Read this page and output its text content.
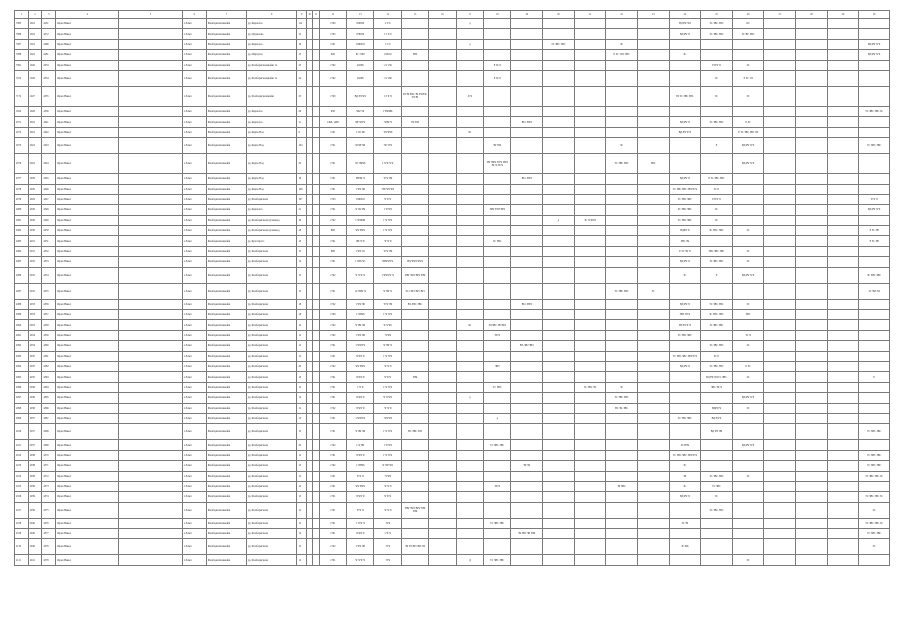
1	2	3	4	5	6	7	8	9	10	11	12	13	14	15	16	17	18	19	20	21	22	23	24	25	26	27	28	29	30
7085	1022	4231	Ярош Никол		1 Ломп	Фонборигшошвойш	уд. Кирполоа	112			1760	650656	2·0·6			д							ВД РЧ·ЧЧ	ТС 3ВС ЗВС	ОС				
7086	1022	4272	Ярош Никол		1 Ломп	Фонборигшошвойш	уд. Цзуанлова	15			1765	678634	1·1·6·0										ВД РЧ·Ч	ТС 3ВС ЗВС	ТС ВС ЗВС				
7087	1022	4289	Ярош Никол		1 Ломп	Фонборигшошвойш	уд. Кирполоа	18			1761	1586345	1·3·0			д			ТС 3ВС ЗВС		ЗС								ВД РЧ·Ч·Ч
7088	1022	4281	Ярош Никол		1 Ломп	Фонборигшошвойш	уд. Мирзулоа	13			848	61·7200	1·664·0	ЗВЗ							Е ЗС 1ЧЗ. 3ВС		ЗС						ВД РЧ·Ч·Ч
7091	1026	4333	Ярош Никол		1 Ломп	Фонборигшошвойш	уд. Фонборигшошвойш тч	23			1762	20268	·21·156				Е ЗСЛ							РЧ·Ч·Ч	ЗС				
7102	1026	4334	Ярош Никол		1 Ломп	Фонборигшошвойш	уд. Фонборигшошвойш тч	24			1762	20268	·21·160				Е ЗСЛ							ЗС	Е ЗС 1Ч				
7172	1027	4335	Ярош Никол		1 Ломп	Фонборигшошвойш	уд. Фонборигшошвойш	25			1760	ВД РЧ ЧЧ	1·2·6·Ч	ЗЧ ЗЧ ВЗС ЗЧ ЗЧ ВЗС ЗЧ ЗЧ		Д·Ч							ЗЧ ТС ЗВС ЗВС	ЗС	ЗС				
1622	1028	4336	Ярош Никол		1 Ломп	Фонборигшошвойш	уд. Кирполоа	26			938	Ч82·56	1·8ЧЧ86																ТС ЗВС ЗВС ЗС
2071	2022	4341	Ярош Никол		1 Ломп	Фонборигшошвойш	уд. Кирполоа	11			1498, 1498	ЧР·ЧЧ·Ч	·ЧЧЧ·Ч	ЗЧ·ЗЧЗ				ВС1 ВЗЧ					ВД РЧ·Ч	ТС 3ВС ЗВС	Е ЗС				
2072	2022	4342	Ярош Никол		1 Ломп	Фонборигшошвойш	уд. Кирпо Вод	8			1761	1·Ч1·Ч6	·ЧЗ·ЧЧ6			Ч1							ВД РЧ·Ч·Ч		Е ТС 3ВС ЗВС ЧЗ				
2073	2022	4343	Ярош Никол		1 Ломп	Фонборигшошвойш	уд. Кирпо Вод	104			1761	Ч1Ч8·Ч6	·Ч5·Ч·Ч				ЗЧ·ЗЧЗ				ЗС			Е	ВД РЧ·Ч·Ч				ТС ЗВС ЗВС
2076	2022	4344	Ярош Никол		1 Ломп	Фонборигшошвойш	уд. Кирпо Вод	20			1761	Ч1·ЧЧЧ6	1·Ч·Ч·Ч·Ч				ЧЧ·ЧЧЧ ЗЧ·Ч ЧЧЧ ЗЧ·Ч ЗЧ·Ч				ТС ЗВС ЗВС	ЗВС			ВД РЧ·Ч·Ч				
2077	2029	4345	Ярош Никол		1 Ломп	Фонборигшошвойш	уд. Кирпо Вод	18			1761	ЧЧЧ6·Ч	·Ч·Ч·ЧЧ					ВС1 ВЗЧ					ВД РЧ·Ч	Е ЗС ЗВС ЗВС					
2078	2029	4346	Ярош Никол		1 Ломп	Фонборигшошвойш	уд. Кирпо Вод	108			1761	1·ЧЧ·Ч6	·ЧЧ·ЧЧ·ЧЧ										ТС ЗВС ЗВС ЗВ·РЧ·Ч	ЗС Е					
2079	2029	4347	Ярош Никол		1 Ломп	Фонборигшошвойш	уд. Фонборигшош	107			1763	1586345	Ч·Ч·Ч										ТС 3ВС ЗВС	РЧ·Ч·Ч					Ч·Ч·Ч
2080	2029	4348	Ярош Никол		1 Ломп	Фонборигшошвойш	уд. Кирполоа	21			1761	Ч·Ч4·ЧЧ	1·Ч·ЧЧ				ЗЧЧ·ЗЧЧ·ЗЧЧ						ЗС·ЗВС ЗВС	ЗС					ВД РЧ·Ч·Ч
2081	2030	4349	Ярош Никол		1 Ломп	Фонборигшошвойш	уд. Фонборигшош кулошвод	16			1762	1·ЧЧ6Ч6	1·Ч·Ч·Ч						д	ЗС Ч·ЧЧЧ			ТС ЗВС ЗВС	ЗС					
2082	2030	4350	Ярош Никол		1 Ломп	Фонборигшошвойш	уд. Фонборигшош кулошвод	18			868	ЧЧ·ЧЧЧ	1·Ч·Ч·Ч										ВДРЧ·Ч	ЗС 3ВС. ЗВС	ЗС				Е ЗС ЗВ
2083	2031	4351	Ярош Никол		1 Ломп	Фонборигшошвойш	уд. Кулотпрого	13			1761	ЧЧ·Ч·Ч	·Ч·Ч·Ч				ЗС ЗВС						ЗВС ЗЧ						Е ЗС ЗВ
2084	2031	4352	Ярош Никол		1 Ломп	Фонборигшошвойш	уд. Фонборигшош	13			898	1·ЧЧ·Ч1	·Ч·Ч·ЧЧ										Е ЗС ЗЧ·Ч	ЗВС 3ВС ЗВС	ЗС				
2085	2032	4353	Ярош Никол		1 Ломп	Фонборигшошвойш	уд. Фонборигшош	12			1761	1·ЧЧ5·Ч1	ЧЧЧЧЧ·Ч	ВД·ЧЧЧ·ЧЧЧ									ВД РЧ·Ч	ЗС 3ВС ЗВС	ЗС				
2086	2032	4354	Ярош Никол		1 Ломп	Фонборигшошвойш	уд. Фонборигшош	13			1762	Ч·Ч·Ч·Ч	1·ЧЧЧ·Ч·Ч	ЗЧЧ·ЗЧЧ ЗЧЧ·ЗЧЧ									ЗС	Е	ВД РЧ·Ч·Ч				ЗС ЗВС ЗВС
2087	2032	4355	Ярош Никол		1 Ломп	Фонборигшошвойш	уд. Фонборигшош	13			1761	12·ЧЧЧ·Ч	Ч·ЧЧ·Ч	ЗС1 ЗЧЗ ЗЧЗ·ЗЧЗ							ТС ЗВС ЗВС	ЗС							ЗС ЗЧЗ ЗЧ
2088	2033	4356	Ярош Никол		1 Ломп	Фонборигшошвойш	уд. Фонборигшош	18			1762	1·ЧЧ·Ч6	·Ч·Ч·ЧЧ	ВЗ. ВЗС ЗВС				ВС1 ВЗЧ					ВД РЧ·Ч	ТС 3ВС ЗВС	ЗС				
2089	2033	4357	Ярош Никол		1 Ломп	Фонборигшошвойш	уд. Фонборигшош	18			1766	1·ЧЧЧ6	1·Ч·Ч·Ч										ЗВЗ ЗЧ·Ч	ЗС 3ВС. ЗВС	ЗВС				
2090	2033	4358	Ярош Никол		1 Ломп	Фонборигшошвойш	уд. Фонборигшош	14			1762	Ч·ЧЧ·Ч6	Ч·Ч·Ч6			Ч1	ЗЧ ЗВС ЗВ ЗЧЧ						ЗВ РЧ·Ч·Ч	ЗС ЗВС ЗВС					
2091	2034	4359	Ярош Никол		1 Ломп	Фонборигшошвойш	уд. Фонборигшош	12			1762	1·ЧЧ·Ч6	·Ч·ЧЧ				ЗЧ·Ч						ТС 3ВС ЗВС		ЗС Ч				
2092	2034	4360	Ярош Никол		1 Ломп	Фонборигшошвойш	уд. Фонборигшош	12			1761	1·ЧЧЧ·Ч	Ч·ЧЧ·Ч					ВЗ. ЗВ2 ЗВЗ						ТС 3ВС ЗВС	ЗС				
2093	2035	4361	Ярош Никол		1 Ломп	Фонборигшошвойш	уд. Фонборигшош	12			1761	Ч·ЧЧ·Ч	1·Ч·Ч·Ч										ТС ЗВС ЗВС ЗВ РЧ·Ч	ЗС Е					
2094	2035	4362	Ярош Никол		1 Ломп	Фонборигшошвойш	уд. Фонборигшош	20			1762	ЧЧ·ЧЧЧ	·Ч·Ч·Ч				ЗВЗ						ВД РЧ·Ч	ТС 3ВС ЗВС	Е ЗС				
2095	2035	4363	Ярош Никол		1 Ломп	Фонборигшошвойш	уд. Фонборигшош	13			1761	Ч·ЧЧ·Ч	Ч·Ч·Ч	ЗЧЧ										ВД РЧ·ЧЧ ТС ЗВС	ЗС				Е
2096	2036	4364	Ярош Никол		1 Ломп	Фонборигшошвойш	уд. Фонборигшош	12			1761	1·Ч·Ч	1·Ч·Ч·Ч				ТС ЗВС			ЗС ЗВС ЗЧ	ЗС			ЗВС ЗЧ·Ч					
2097	2036	4365	Ярош Никол		1 Ломп	Фонборигшошвойш	уд. Фонборигшош	12			1761	Ч·ЧЧ·Ч	Ч·Ч·ЧЧ			д					ТС ЗВС ЗВС				ВД РЧ·Ч·Ч				
2098	2036	4366	Ярош Никол		1 Ломп	Фонборигшошвойш	уд. Фонборигшош	12			1762	Ч·ЧЧ·Ч	·Ч·Ч·Ч								ВС ЗЧ. ЗВС			ВДРЧ·Ч	ЗС				
2099	2037	4367	Ярош Никол		1 Ломп	Фонборигшошвойш	уд. Фонборигшош	13			1761	1·ЧЧЧ·Ч	·ЧЧ·ЧЧ				д						ТС 3ВС ЗВС	ВД РЧ·Ч					
2100	2037	4368	Ярош Никол		1 Ломп	Фонборигшошвойш	уд. Фонборигшош	13			1761	Ч·ЧЧ·Ч6	1·Ч·Ч·Ч	ВС ЗВС ЗЧЗ										ВД РЧ·ЧЧ					ТС ЗВС ЗВС
2101	2037	4369	Ярош Никол		1 Ломп	Фонборигшошвойш	уд. Фонборигшош	20			1762	1·Ч·ЧЧ	1·Ч·ЧЧ				ТС ЗВС ЗВС						ЗС ВЗЧ		ВД РЧ·Ч·Ч				
2102	2038	4370	Ярош Никол		1 Ломп	Фонборигшошвойш	уд. Фонборигшош	12			1761	Ч·ЧЧ·Ч	1·Ч·Ч·Ч										ТС ЗВС ЗВС ЗВ РЧ·Ч						ТС ЗВС ЗВС
2103	2038	4371	Ярош Никол		1 Ломп	Фонборигшошвойш	уд. Фонборигшош	13			1762	1·ЧЧЧ6	Ч·ЧЧ·ЧЧ					ЗЧ·ЗЧ					ЗС						ТС ЗВС ЗВС
2104	2038	4372	Ярош Никол		1 Ломп	Фонборигшошвойш	уд. Фонборигшош	12			1761	Ч·Ч·Ч	·Ч·ЧЧ										ЗЧ	ТС 3ВС ЗВС	ЗС				ТС ЗВС ЗВС ЗС
2105	2039	4373	Ярош Никол		1 Ломп	Фонборигшошвойш	уд. Фонборигшош	12			1761	ЧЧ·ЧЧЧ	·Ч·Ч·Ч				ЗЧ·Ч				ЗЧ ЗВС		ЗС	ТС ЗВС					
2106	2039	4374	Ярош Никол		1 Ломп	Фонборигшошвойш	уд. Фонборигшош	13			1761	Ч·ЧЧ·Ч	Ч·Ч·Ч										ВД РЧ·Ч	ЗС					ТС ЗВС ЗВС ЗС
2107	2039	4375	Ярош Никол		1 Ломп	Фонборигшошвойш	уд. Фонборигшош	12			1761	Ч·Ч·Ч	·Ч·Ч·Ч	ЗЧЧ·ЗЧЧ ЗЧЧ·ЗЧЧ ЗЧЧ										ТС 3ВС ЗВС					ЗС
2108	2040	4376	Ярош Никол		1 Ломп	Фонборигшошвойш	уд. Фонборигшош	12			1761	1·Ч·Ч·Ч	·Ч·Ч				ТС ЗВС ЗВС						ЗС ЗЧ						ТС ЗВС ЗВС ЗС
2109	2040	4377	Ярош Никол		1 Ломп	Фонборигшошвойш	уд. Фонборигшош	12			1761	Ч·ЧЧ·Ч	1·Ч·Ч					ЗЧ ЗВС ЗВ ЗЧЧ											ТС ЗВС ЗВС
2110	2040	4378	Ярош Никол		1 Ломп	Фонборигшошвойш	уд. Фонборигшош	13			1762	1·ЧЧ·Ч6	·Ч·Ч	ЗЧ ЗЧ ЗЧЗ ЗЧЗ ЗЧ									ЗС ВД						ЗС
2111	2041	4379	Ярош Никол		1 Ломп	Фонборигшошвойш	уд. Фонборигшош	12			1761	Ч·Ч·Ч·Ч	·Ч·Ч			Д	ТС 3ВС ЗВС								ЗС				
